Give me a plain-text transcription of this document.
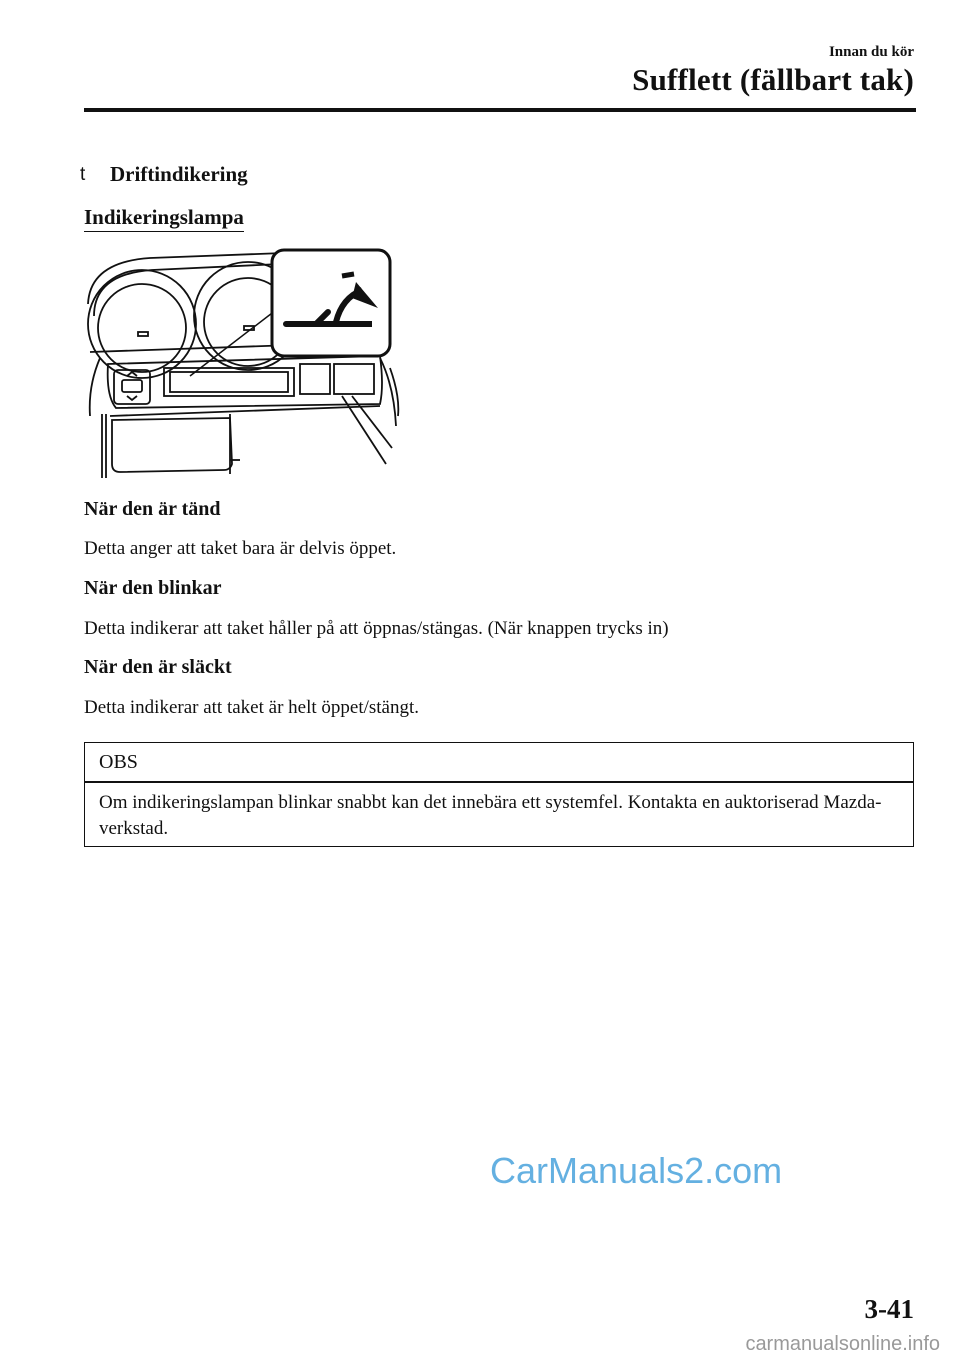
Innan du kör
Sufflett (fällbart tak)
t Driftindikering
Indikeringslampa
När den är tänd
Detta anger att taket bara är delvis öppet.
När den blinkar
Detta indikerar att taket håller på att öppnas/stängas. (När knappen trycks in)
När den är släckt
Detta indikerar att taket är helt öppet/stängt.
OBS
Om indikeringslampan blinkar snabbt kan det innebära ett systemfel. Kontakta en auktoriserad Mazda-verkstad.
CarManuals2.com
3-41
carmanualsonline.info
